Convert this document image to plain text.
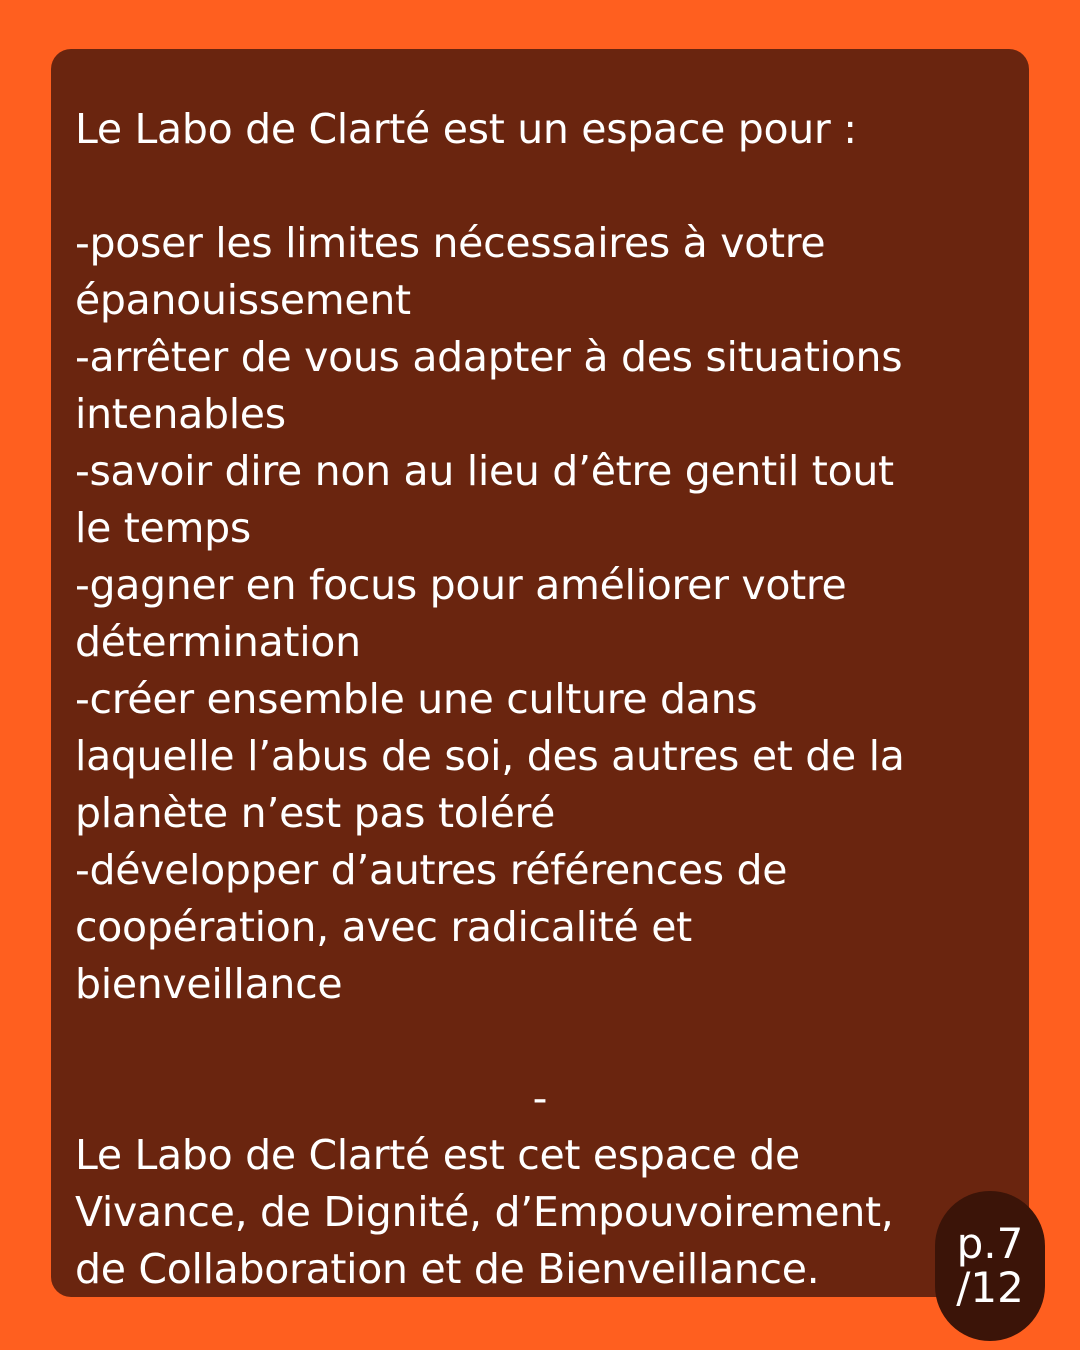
Le Labo de Clarté est un espace pour :
-poser les limites nécessaires à votre
épanouissement
-arrêter de vous adapter à des situations
intenables
-savoir dire non au lieu d’être gentil tout
le temps
-gagner en focus pour améliorer votre
détermination
-créer ensemble une culture dans
laquelle l’abus de soi, des autres et de la
planète n’est pas toléré
-développer d’autres références de
coopération, avec radicalité et
bienveillance
-
Le Labo de Clarté est cet espace de
Vivance, de Dignité, d’Empouvoirement,
de Collaboration et de Bienveillance.
p.7
/12
